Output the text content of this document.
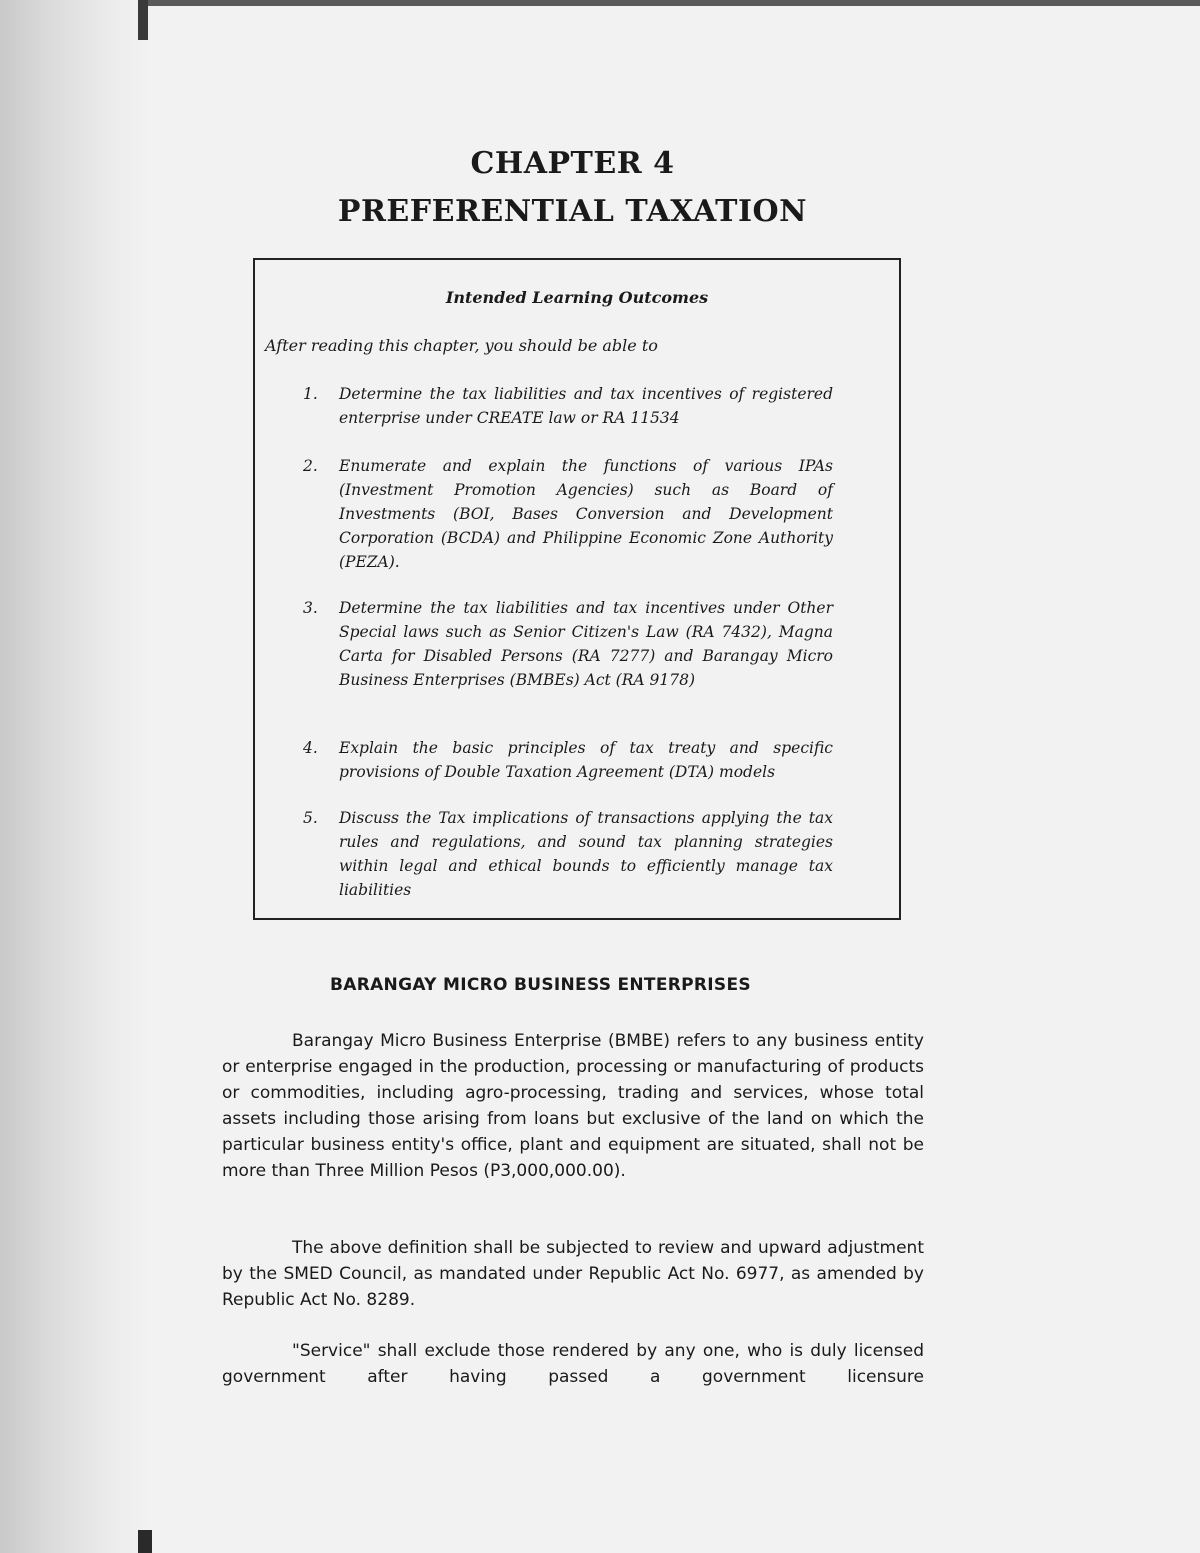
CHAPTER 4
PREFERENTIAL TAXATION
Intended Learning Outcomes
After reading this chapter, you should be able to
1.	Determine the tax liabilities and tax incentives of registered enterprise under CREATE law or RA 11534
2.	Enumerate and explain the functions of various IPAs (Investment Promotion Agencies) such as Board of Investments (BOI, Bases Conversion and Development Corporation (BCDA) and Philippine Economic Zone Authority (PEZA).
3.	Determine the tax liabilities and tax incentives under Other Special laws such as Senior Citizen's Law (RA 7432), Magna Carta for Disabled Persons (RA 7277) and Barangay Micro Business Enterprises (BMBEs) Act (RA 9178)
4.	Explain the basic principles of tax treaty and specific provisions of Double Taxation Agreement (DTA) models
5.	Discuss the Tax implications of transactions applying the tax rules and regulations, and sound tax planning strategies within legal and ethical bounds to efficiently manage tax liabilities
BARANGAY MICRO BUSINESS ENTERPRISES
Barangay Micro Business Enterprise (BMBE) refers to any business entity or enterprise engaged in the production, processing or manufacturing of products or commodities, including agro-processing, trading and services, whose total assets including those arising from loans but exclusive of the land on which the particular business entity's office, plant and equipment are situated, shall not be more than Three Million Pesos (P3,000,000.00).
The above definition shall be subjected to review and upward adjustment by the SMED Council, as mandated under Republic Act No. 6977, as amended by Republic Act No. 8289.
"Service" shall exclude those rendered by any one, who is duly licensed government after having passed a government licensure
